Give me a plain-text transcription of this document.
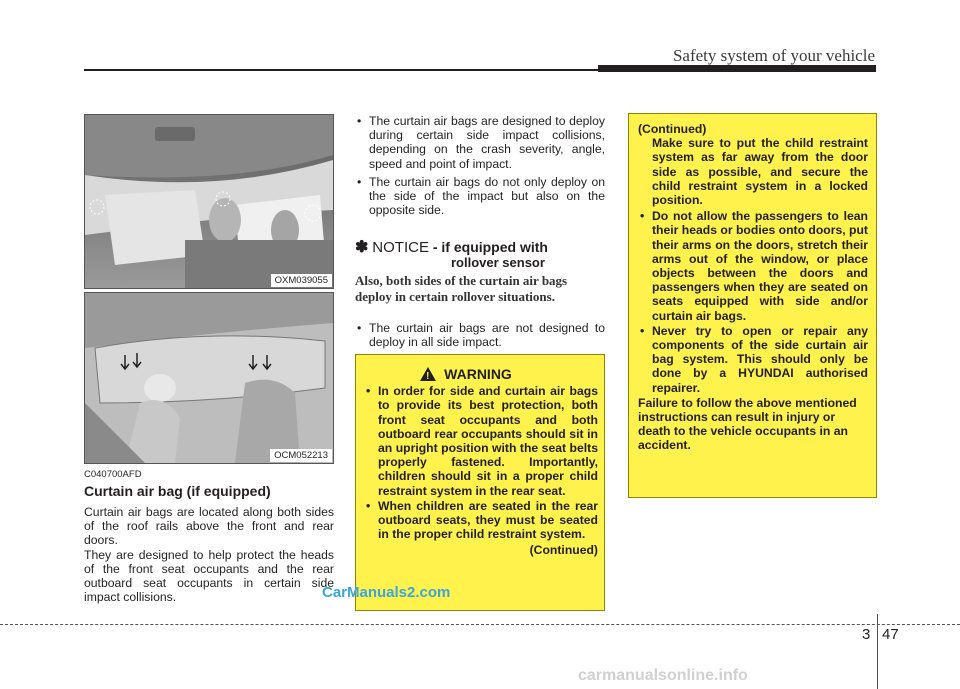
Safety system of your vehicle
OXM039055
OCM052213
C040700AFD
Curtain air bag (if equipped)

Curtain air bags are located along both sides of the roof rails above the front and rear doors.

They are designed to help protect the heads of the front seat occupants and the rear outboard seat occupants in certain side impact collisions.

• The curtain air bags are designed to deploy during certain side impact collisions, depending on the crash severity, angle, speed and point of impact.

• The curtain air bags do not only deploy on the side of the impact but also on the opposite side.

✽ NOTICE - if equipped with
rollover sensor
Also, both sides of the curtain air bags deploy in certain rollover situations.

• The curtain air bags are not designed to deploy in all side impact.

! WARNING

• In order for side and curtain air bags to provide its best protection, both front seat occupants and both outboard rear occupants should sit in an upright position with the seat belts properly fastened. Importantly, children should sit in a proper child restraint system in the rear seat.

• When children are seated in the rear outboard seats, they must be seated in the proper child restraint system.

(Continued)
(Continued)
Make sure to put the child restraint system as far away from the door side as possible, and secure the child restraint system in a locked position.

• Do not allow the passengers to lean their heads or bodies onto doors, put their arms on the doors, stretch their arms out of the window, or place objects between the doors and passengers when they are seated on seats equipped with side and/or curtain air bags.

• Never try to open or repair any components of the side curtain air bag system. This should only be done by a HYUNDAI authorised repairer.

Failure to follow the above mentioned instructions can result in injury or death to the vehicle occupants in an accident.
CarManuals2.com
3 47
carmanualsonline.info
